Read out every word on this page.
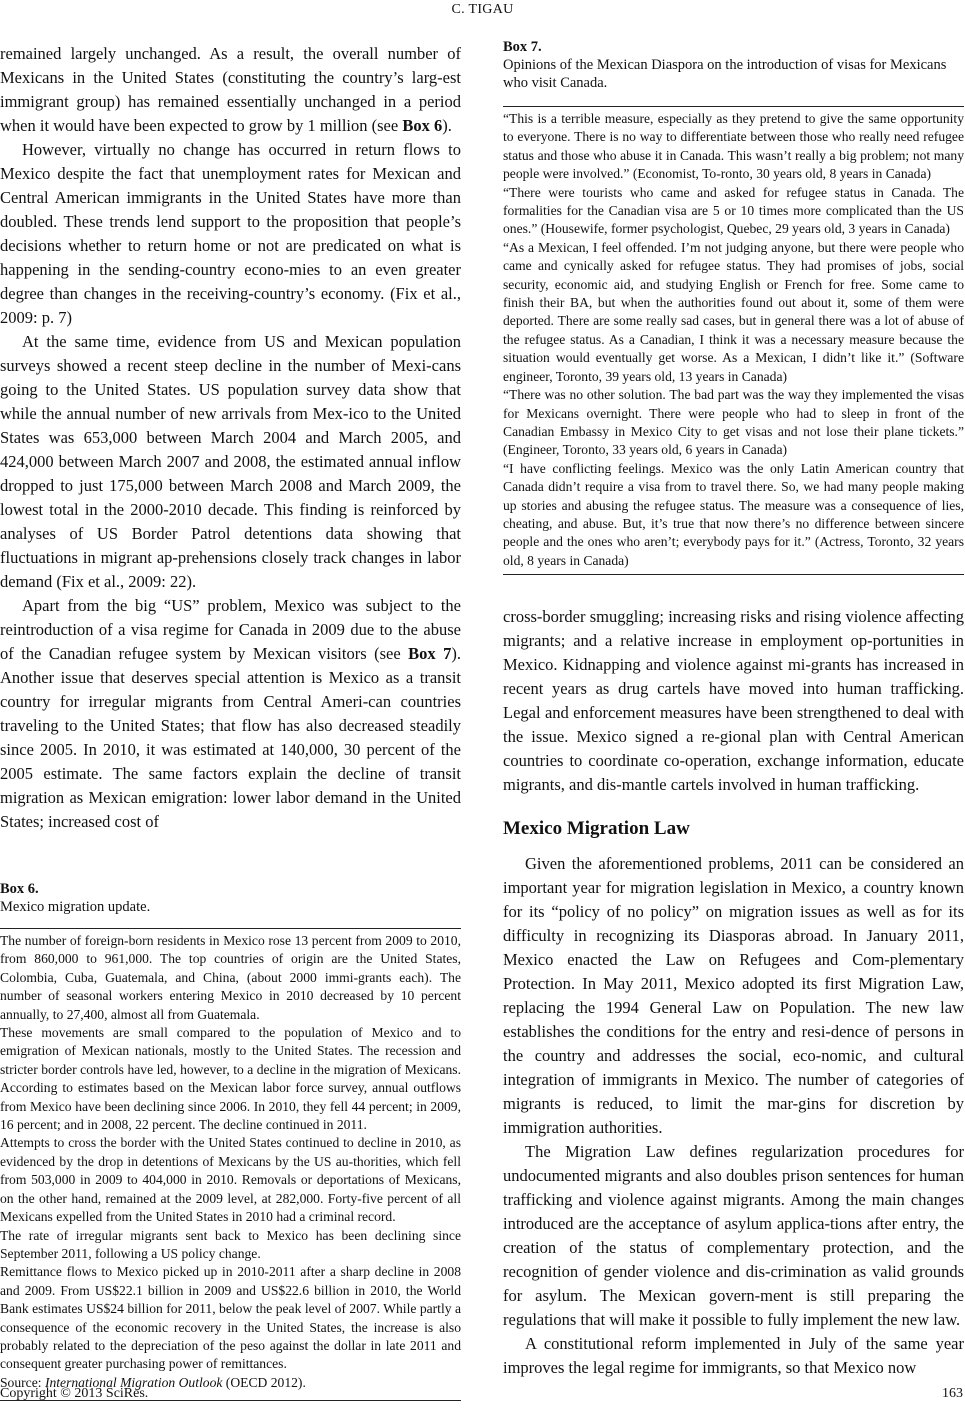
C. TIGAU

remained largely unchanged. As a result, the overall number of Mexicans in the United States (constituting the country’s larg-est immigrant group) has remained essentially unchanged in a period when it would have been expected to grow by 1 million (see Box 6).

However, virtually no change has occurred in return flows to Mexico despite the fact that unemployment rates for Mexican and Central American immigrants in the United States have more than doubled. These trends lend support to the proposition that people’s decisions whether to return home or not are predicated on what is happening in the sending-country econo-mies to an even greater degree than changes in the receiving-country’s economy. (Fix et al., 2009: p. 7)

At the same time, evidence from US and Mexican population surveys showed a recent steep decline in the number of Mexi-cans going to the United States. US population survey data show that while the annual number of new arrivals from Mex-ico to the United States was 653,000 between March 2004 and March 2005, and 424,000 between March 2007 and 2008, the estimated annual inflow dropped to just 175,000 between March 2008 and March 2009, the lowest total in the 2000-2010 decade. This finding is reinforced by analyses of US Border Patrol detentions data showing that fluctuations in migrant ap-prehensions closely track changes in labor demand (Fix et al., 2009: 22).

Apart from the big “US” problem, Mexico was subject to the reintroduction of a visa regime for Canada in 2009 due to the abuse of the Canadian refugee system by Mexican visitors (see Box 7). Another issue that deserves special attention is Mexico as a transit country for irregular migrants from Central Ameri-can countries traveling to the United States; that flow has also decreased steadily since 2005. In 2010, it was estimated at 140,000, 30 percent of the 2005 estimate. The same factors explain the decline of transit migration as Mexican emigration: lower labor demand in the United States; increased cost of

Box 6.

Mexico migration update.

The number of foreign-born residents in Mexico rose 13 percent from 2009 to 2010, from 860,000 to 961,000. The top countries of origin are the United States, Colombia, Cuba, Guatemala, and China, (about 2000 immi-grants each). The number of seasonal workers entering Mexico in 2010 decreased by 10 percent annually, to 27,400, almost all from Guatemala.

These movements are small compared to the population of Mexico and to emigration of Mexican nationals, mostly to the United States. The recession and stricter border controls have led, however, to a decline in the migration of Mexicans. According to estimates based on the Mexican labor force survey, annual outflows from Mexico have been declining since 2006. In 2010, they fell 44 percent; in 2009, 16 percent; and in 2008, 22 percent. The decline continued in 2011.

Attempts to cross the border with the United States continued to decline in 2010, as evidenced by the drop in detentions of Mexicans by the US au-thorities, which fell from 503,000 in 2009 to 404,000 in 2010. Removals or deportations of Mexicans, on the other hand, remained at the 2009 level, at 282,000. Forty-five percent of all Mexicans expelled from the United States in 2010 had a criminal record.

The rate of irregular migrants sent back to Mexico has been declining since September 2011, following a US policy change.

Remittance flows to Mexico picked up in 2010-2011 after a sharp decline in 2008 and 2009. From US$22.1 billion in 2009 and US$22.6 billion in 2010, the World Bank estimates US$24 billion for 2011, below the peak level of 2007. While partly a consequence of the economic recovery in the United States, the increase is also probably related to the depreciation of the peso against the dollar in late 2011 and consequent greater purchasing power of remittances.

Source: International Migration Outlook (OECD 2012).

Box 7.

Opinions of the Mexican Diaspora on the introduction of visas for Mexicans who visit Canada.

“This is a terrible measure, especially as they pretend to give the same opportunity to everyone. There is no way to differentiate between those who really need refugee status and those who abuse it in Canada. This wasn’t really a big problem; not many people were involved.” (Economist, To-ronto, 30 years old, 8 years in Canada)

“There were tourists who came and asked for refugee status in Canada. The formalities for the Canadian visa are 5 or 10 times more complicated than the US ones.” (Housewife, former psychologist, Quebec, 29 years old, 3 years in Canada)

“As a Mexican, I feel offended. I’m not judging anyone, but there were people who came and cynically asked for refugee status. They had promises of jobs, social security, economic aid, and studying English or French for free. Some came to finish their BA, but when the authorities found out about it, some of them were deported. There are some really sad cases, but in general there was a lot of abuse of the refugee status. As a Canadian, I think it was a necessary measure because the situation would eventually get worse. As a Mexican, I didn’t like it.” (Software engineer, Toronto, 39 years old, 13 years in Canada)

“There was no other solution. The bad part was the way they implemented the visas for Mexicans overnight. There were people who had to sleep in front of the Canadian Embassy in Mexico City to get visas and not lose their plane tickets.” (Engineer, Toronto, 33 years old, 6 years in Canada)

“I have conflicting feelings. Mexico was the only Latin American country that Canada didn’t require a visa from to travel there. So, we had many people making up stories and abusing the refugee status. The measure was a consequence of lies, cheating, and abuse. But, it’s true that now there’s no difference between sincere people and the ones who aren’t; everybody pays for it.” (Actress, Toronto, 32 years old, 8 years in Canada)

cross-border smuggling; increasing risks and rising violence affecting migrants; and a relative increase in employment op-portunities in Mexico. Kidnapping and violence against mi-grants has increased in recent years as drug cartels have moved into human trafficking. Legal and enforcement measures have been strengthened to deal with the issue. Mexico signed a re-gional plan with Central American countries to coordinate co-operation, exchange information, educate migrants, and dis-mantle cartels involved in human trafficking.

Mexico Migration Law

Given the aforementioned problems, 2011 can be considered an important year for migration legislation in Mexico, a country known for its “policy of no policy” on migration issues as well as for its difficulty in recognizing its Diasporas abroad. In January 2011, Mexico enacted the Law on Refugees and Com-plementary Protection. In May 2011, Mexico adopted its first Migration Law, replacing the 1994 General Law on Population. The new law establishes the conditions for the entry and resi-dence of persons in the country and addresses the social, eco-nomic, and cultural integration of immigrants in Mexico. The number of categories of migrants is reduced, to limit the mar-gins for discretion by immigration authorities.

The Migration Law defines regularization procedures for undocumented migrants and also doubles prison sentences for human trafficking and violence against migrants. Among the main changes introduced are the acceptance of asylum applica-tions after entry, the creation of the status of complementary protection, and the recognition of gender violence and dis-crimination as valid grounds for asylum. The Mexican govern-ment is still preparing the regulations that will make it possible to fully implement the new law.

A constitutional reform implemented in July of the same year improves the legal regime for immigrants, so that Mexico now

Copyright © 2013 SciRes.	163
